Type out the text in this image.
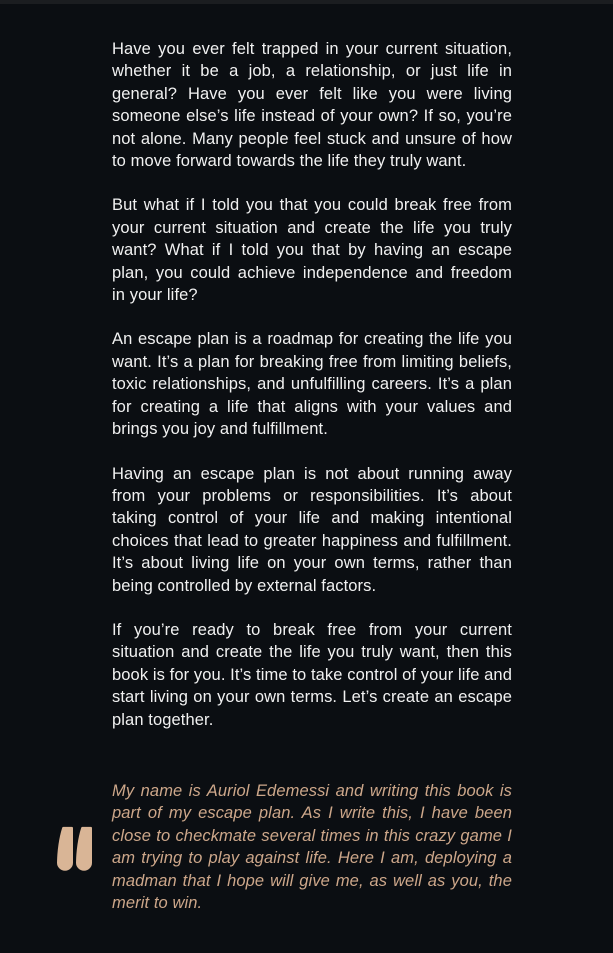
Have you ever felt trapped in your current situation, whether it be a job, a relationship, or just life in general? Have you ever felt like you were living someone else’s life instead of your own? If so, you’re not alone. Many people feel stuck and unsure of how to move forward towards the life they truly want.

But what if I told you that you could break free from your current situation and create the life you truly want? What if I told you that by having an escape plan, you could achieve independence and freedom in your life?

An escape plan is a roadmap for creating the life you want. It’s a plan for breaking free from limiting beliefs, toxic relationships, and unfulfilling careers. It’s a plan for creating a life that aligns with your values and brings you joy and fulfillment.

Having an escape plan is not about running away from your problems or responsibilities. It’s about taking control of your life and making intentional choices that lead to greater happiness and fulfillment. It’s about living life on your own terms, rather than being controlled by external factors.

If you’re ready to break free from your current situation and create the life you truly want, then this book is for you. It’s time to take control of your life and start living on your own terms. Let’s create an escape plan together.

My name is Auriol Edemessi and writing this book is part of my escape plan. As I write this, I have been close to checkmate several times in this crazy game I am trying to play against life. Here I am, deploying a madman that I hope will give me, as well as you, the merit to win.
